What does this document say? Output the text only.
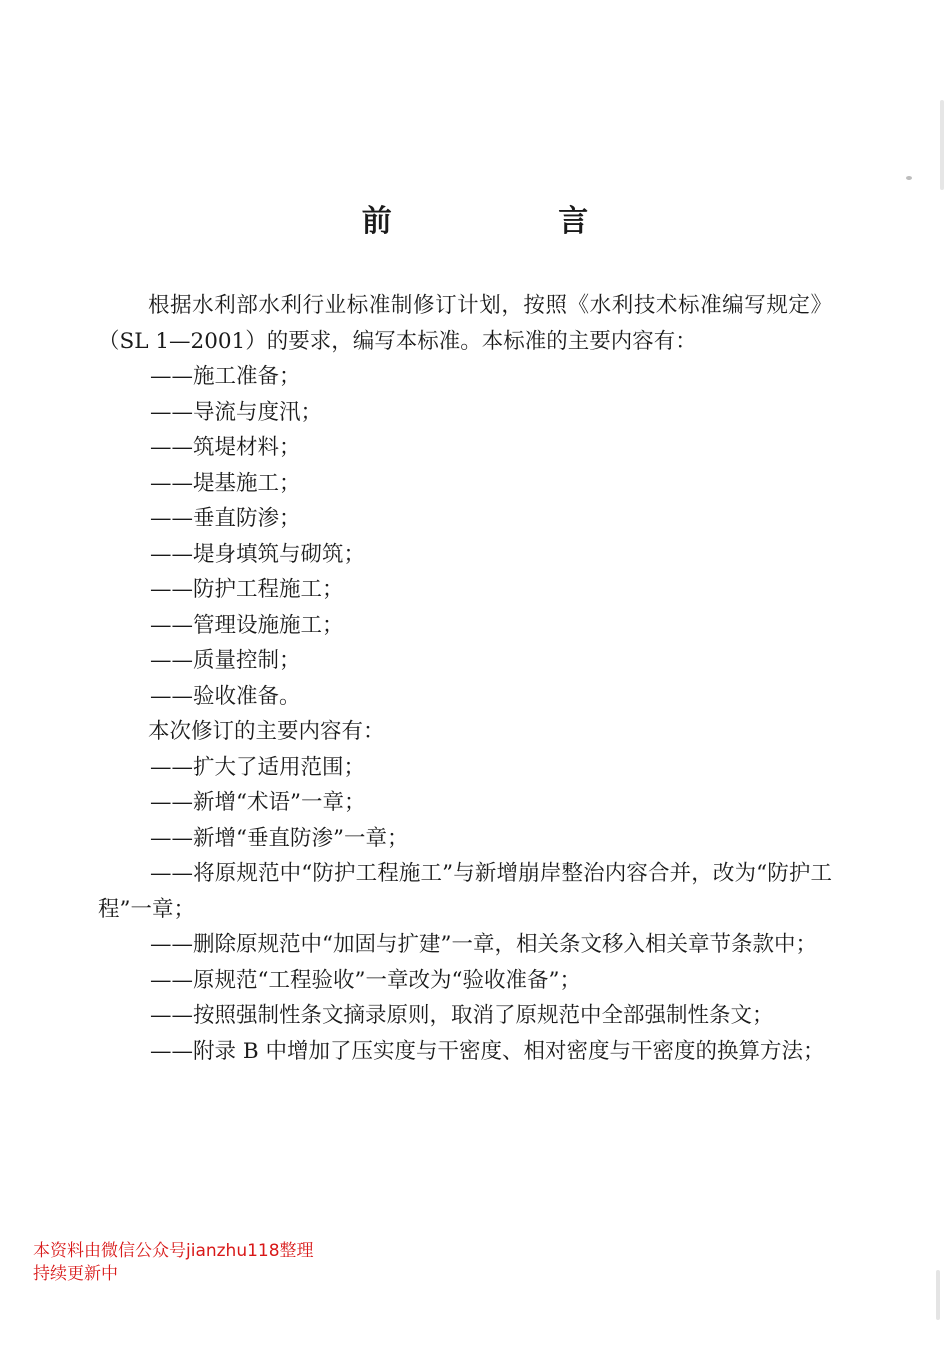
前 言

根据水利部水利行业标准制修订计划，按照《水利技术标准编写规定》（SL 1—2001）的要求，编写本标准。本标准的主要内容有：

——施工准备；

——导流与度汛；

——筑堤材料；

——堤基施工；

——垂直防渗；

——堤身填筑与砌筑；

——防护工程施工；

——管理设施施工；

——质量控制；

——验收准备。

本次修订的主要内容有：

——扩大了适用范围；

——新增“术语”一章；

——新增“垂直防渗”一章；

——将原规范中“防护工程施工”与新增崩岸整治内容合并，改为“防护工程”一章；

——删除原规范中“加固与扩建”一章，相关条文移入相关章节条款中；

——原规范“工程验收”一章改为“验收准备”；

——按照强制性条文摘录原则，取消了原规范中全部强制性条文；

——附录 B 中增加了压实度与干密度、相对密度与干密度的换算方法；

本资料由微信公众号jianzhu118整理
持续更新中
